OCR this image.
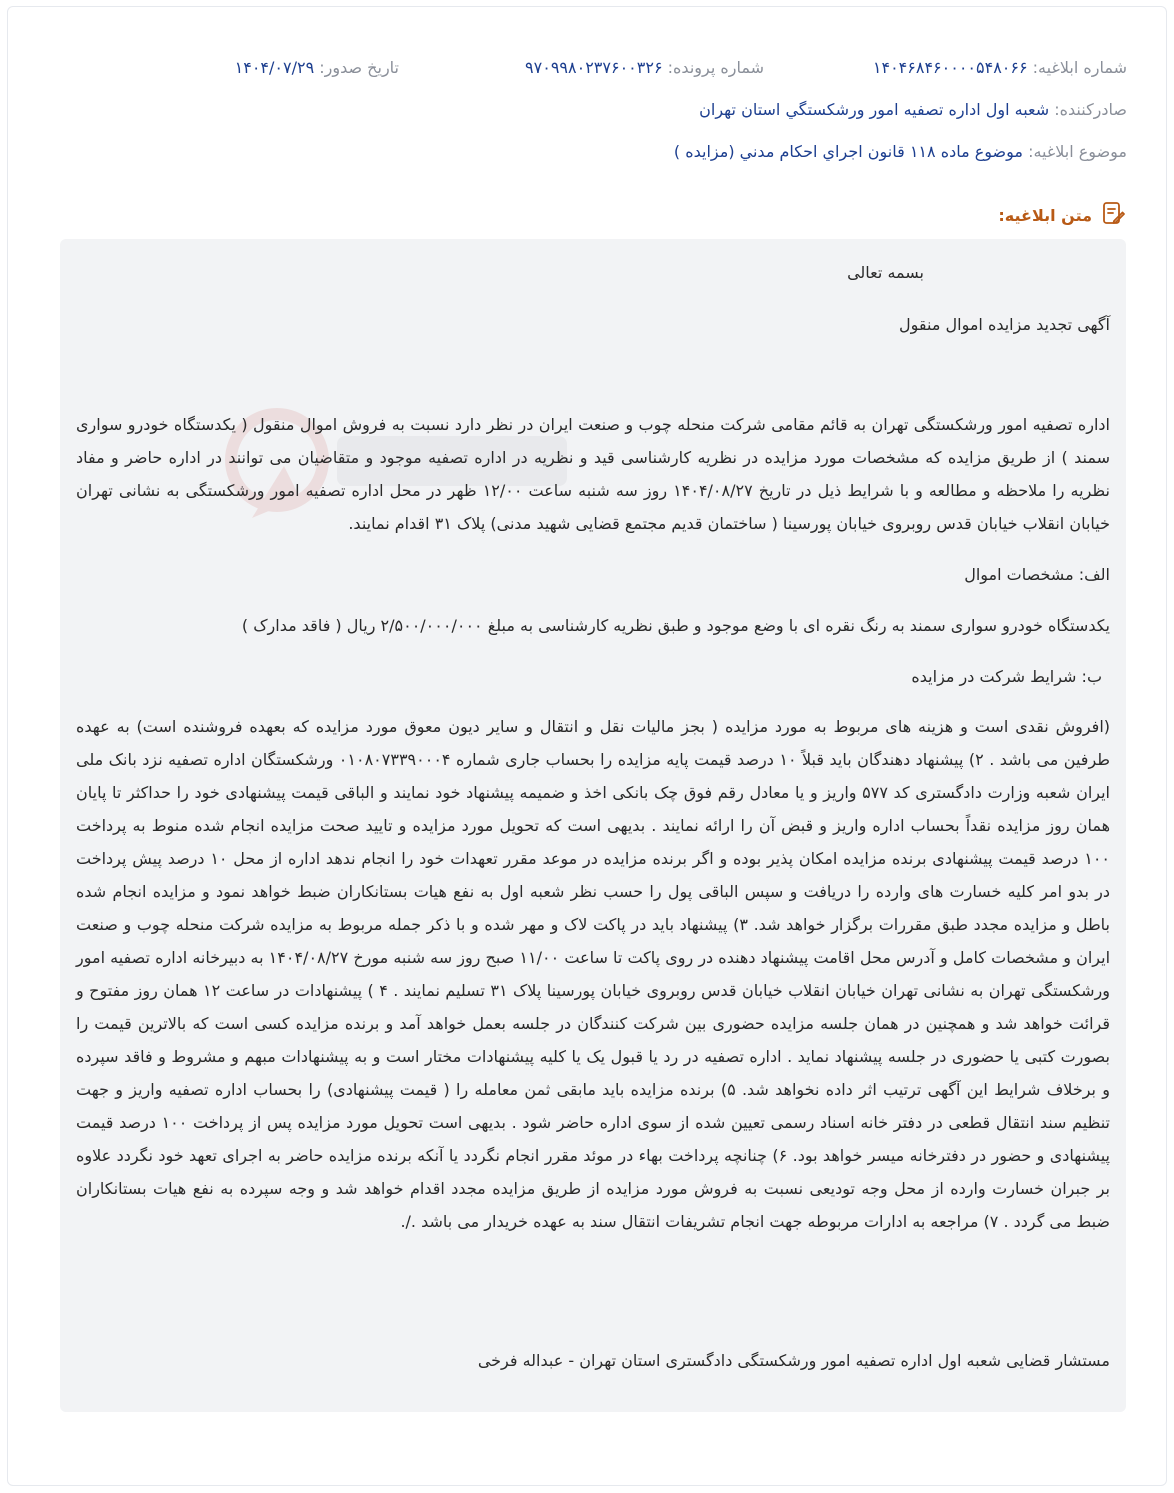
شماره ابلاغیه: ۱۴۰۴۶۸۴۶۰۰۰۰۵۴۸۰۶۶
شماره پرونده: ۹۷۰۹۹۸۰۲۳۷۶۰۰۳۲۶
تاریخ صدور: ۱۴۰۴/۰۷/۲۹
صادرکننده: شعبه اول اداره تصفيه امور ورشكستگي استان تهران
موضوع ابلاغیه: موضوع ماده ۱۱۸ قانون اجراي احكام مدني (مزايده )
متن ابلاغیه:
بسمه تعالی
آگهی تجدید مزایده اموال منقول
اداره تصفیه امور ورشکستگی تهران به قائم مقامی شرکت منحله چوب و صنعت ایران در نظر دارد نسبت به فروش اموال منقول ( یکدستگاه خودرو سواری سمند ) از طریق مزایده که مشخصات مورد مزایده در نظریه کارشناسی قید و نظریه در اداره تصفیه موجود و متقاضیان می توانند در اداره حاضر و مفاد نظریه را ملاحظه و مطالعه و با شرایط ذیل در تاریخ ۱۴۰۴/۰۸/۲۷ روز سه شنبه ساعت ۱۲/۰۰ ظهر در محل اداره تصفیه امور ورشکستگی به نشانی تهران خیابان انقلاب خیابان قدس روبروی خیابان پورسینا ( ساختمان قدیم مجتمع قضایی شهید مدنی) پلاک ۳۱ اقدام نمایند.
الف: مشخصات اموال
یکدستگاه خودرو سواری سمند به رنگ نقره ای با وضع موجود و طبق نظریه کارشناسی به مبلغ ۲/۵۰۰/۰۰۰/۰۰۰ ریال ( فاقد مدارک )
ب: شرایط شرکت در مزایده
(افروش نقدی است و هزینه های مربوط به مورد مزایده ( بجز مالیات نقل و انتقال و سایر دیون معوق مورد مزایده که بعهده فروشنده است) به عهده طرفین می باشد . ۲) پیشنهاد دهندگان باید قبلاً ۱۰ درصد قیمت پایه مزایده را بحساب جاری شماره ۰۱۰۸۰۷۳۳۹۰۰۰۴ ورشکستگان اداره تصفیه نزد بانک ملی ایران شعبه وزارت دادگستری کد ۵۷۷ واریز و یا معادل رقم فوق چک بانکی اخذ و ضمیمه پیشنهاد خود نمایند و الباقی قیمت پیشنهادی خود را حداکثر تا پایان همان روز مزایده نقداً بحساب اداره واریز و قبض آن را ارائه نمایند . بدیهی است که تحویل مورد مزایده و تایید صحت مزایده انجام شده منوط به پرداخت ۱۰۰ درصد قیمت پیشنهادی برنده مزایده امکان پذیر بوده و اگر برنده مزایده در موعد مقرر تعهدات خود را انجام ندهد اداره از محل ۱۰ درصد پیش پرداخت در بدو امر کلیه خسارت های وارده را دریافت و سپس الباقی پول را حسب نظر شعبه اول به نفع هیات بستانکاران ضبط خواهد نمود و مزایده انجام شده باطل و مزایده مجدد طبق مقررات برگزار خواهد شد. ۳) پیشنهاد باید در پاکت لاک و مهر شده و با ذکر جمله مربوط به مزایده شرکت منحله چوب و صنعت ایران و مشخصات کامل و آدرس محل اقامت پیشنهاد دهنده در روی پاکت تا ساعت ۱۱/۰۰ صبح روز سه شنبه مورخ ۱۴۰۴/۰۸/۲۷ به دبیرخانه اداره تصفیه امور ورشکستگی تهران به نشانی تهران خیابان انقلاب خیابان قدس روبروی خیابان پورسینا پلاک ۳۱ تسلیم نمایند . ۴ ) پیشنهادات در ساعت ۱۲ همان روز مفتوح و قرائت خواهد شد و همچنین در همان جلسه مزایده حضوری بین شرکت کنندگان در جلسه بعمل خواهد آمد و برنده مزایده کسی است که بالاترین قیمت را بصورت کتبی یا حضوری در جلسه پیشنهاد نماید . اداره تصفیه در رد یا قبول یک یا کلیه پیشنهادات مختار است و به پیشنهادات مبهم و مشروط و فاقد سپرده و برخلاف شرایط این آگهی ترتیب اثر داده نخواهد شد. ۵) برنده مزایده باید مابقی ثمن معامله را ( قیمت پیشنهادی) را بحساب اداره تصفیه واریز و جهت تنظیم سند انتقال قطعی در دفتر خانه اسناد رسمی تعیین شده از سوی اداره حاضر شود . بدیهی است تحویل مورد مزایده پس از پرداخت ۱۰۰ درصد قیمت پیشنهادی و حضور در دفترخانه میسر خواهد بود. ۶) چنانچه پرداخت بهاء در موئد مقرر انجام نگردد یا آنکه برنده مزایده حاضر به اجرای تعهد خود نگردد علاوه بر جبران خسارت وارده از محل وجه تودیعی نسبت به فروش مورد مزایده از طریق مزایده مجدد اقدام خواهد شد و وجه سپرده به نفع هیات بستانکاران ضبط می گردد . ۷) مراجعه به ادارات مربوطه جهت انجام تشریفات انتقال سند به عهده خریدار می باشد ./.
مستشار قضایی شعبه اول اداره تصفیه امور ورشکستگی دادگستری استان تهران - عبداله فرخی
